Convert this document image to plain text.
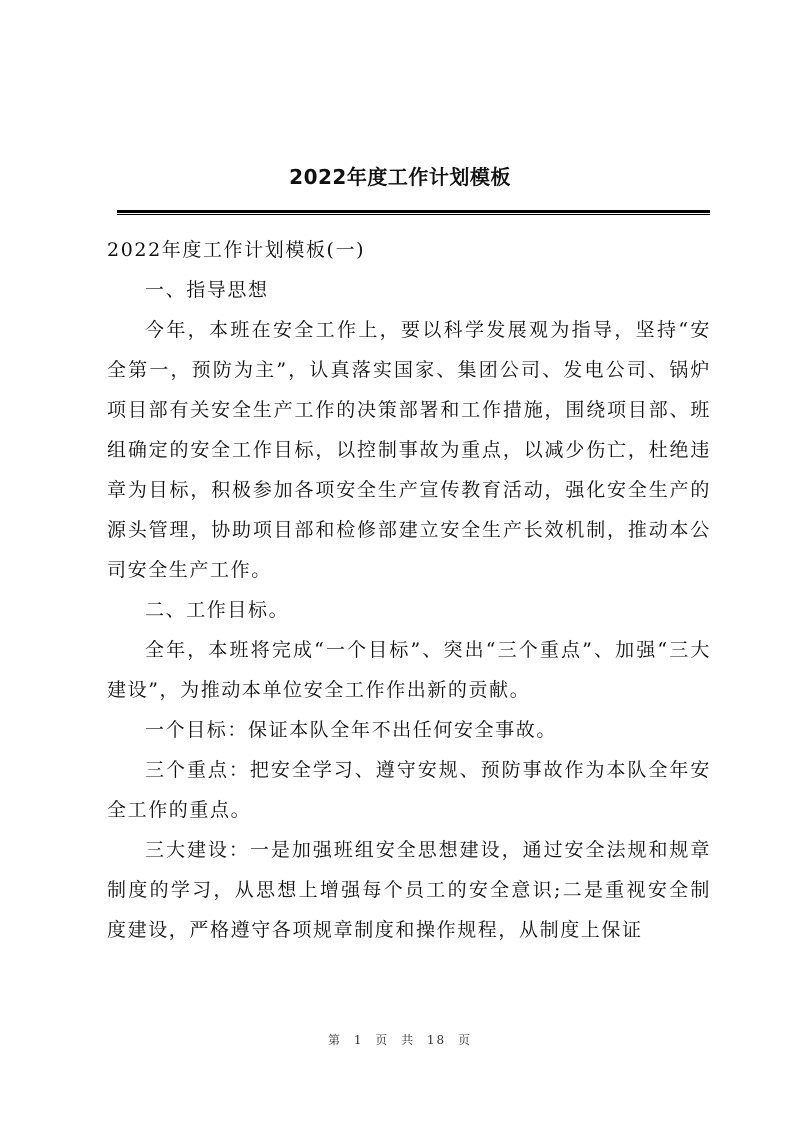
2022年度工作计划模板

2022年度工作计划模板(一)

一、指导思想

今年，本班在安全工作上，要以科学发展观为指导，坚持“安全第一，预防为主”，认真落实国家、集团公司、发电公司、锅炉项目部有关安全生产工作的决策部署和工作措施，围绕项目部、班组确定的安全工作目标，以控制事故为重点，以减少伤亡，杜绝违章为目标，积极参加各项安全生产宣传教育活动，强化安全生产的源头管理，协助项目部和检修部建立安全生产长效机制，推动本公司安全生产工作。

二、工作目标。

全年，本班将完成“一个目标”、突出“三个重点”、加强“三大建设”，为推动本单位安全工作作出新的贡献。

一个目标：保证本队全年不出任何安全事故。

三个重点：把安全学习、遵守安规、预防事故作为本队全年安全工作的重点。

三大建设：一是加强班组安全思想建设，通过安全法规和规章制度的学习，从思想上增强每个员工的安全意识;二是重视安全制度建设，严格遵守各项规章制度和操作规程，从制度上保证

第 1 页 共 18 页
